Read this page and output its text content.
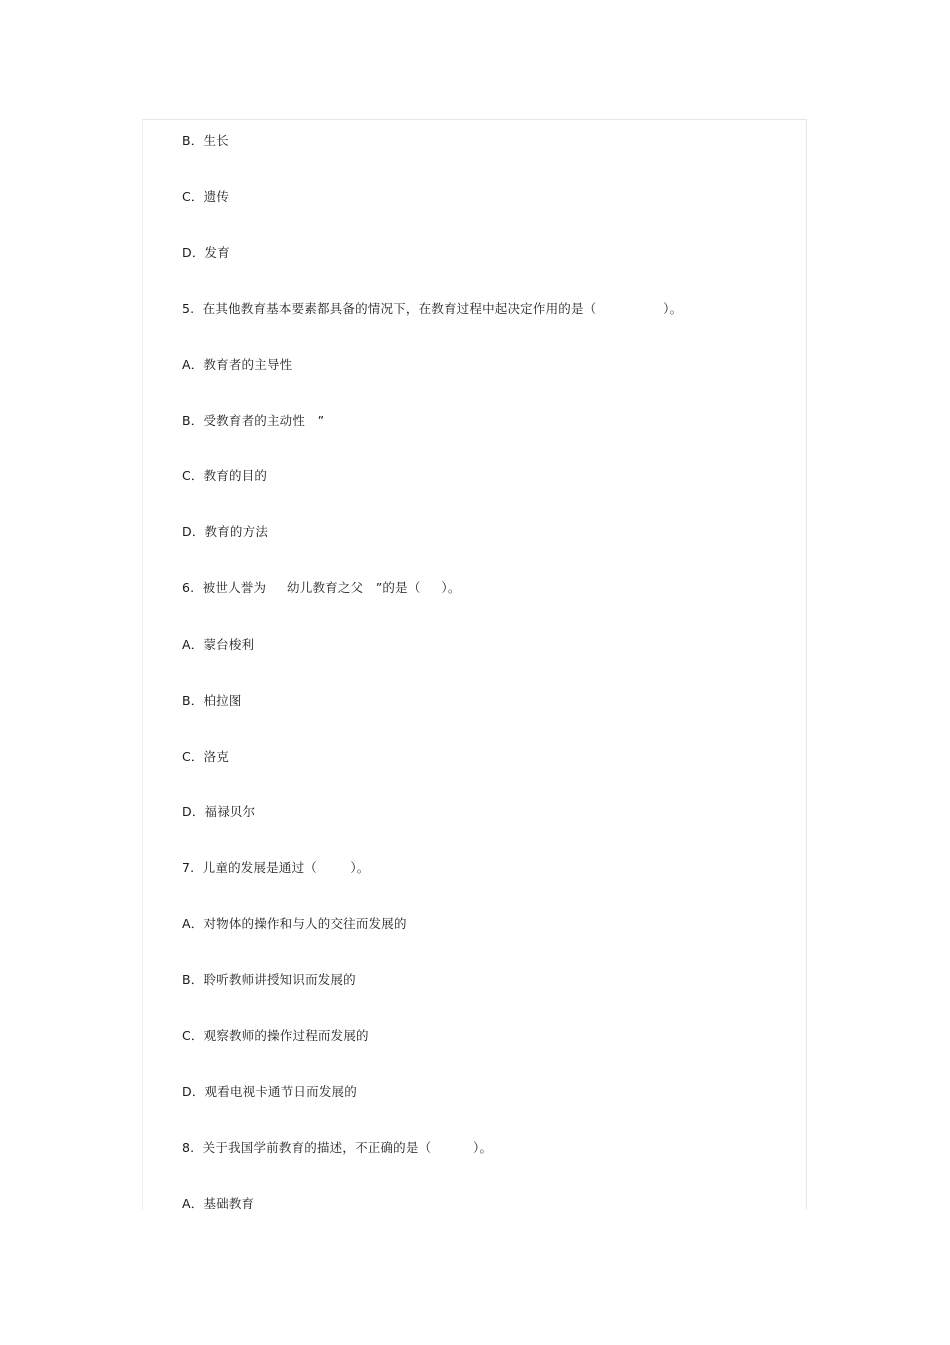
B．生长
C．遗传
D．发育
5.  在其他教育基本要素都具备的情况下，在教育过程中起决定作用的是（                ）。
A．教育者的主导性
B．受教育者的主动性   ”
C．教育的目的
D．教育的方法
6.  被世人誉为     幼儿教育之父   ”的是（     ）。
A．蒙台梭利
B．柏拉图
C．洛克
D．福禄贝尔
7.  儿童的发展是通过（        ）。
A．对物体的操作和与人的交往而发展的
B．聆听教师讲授知识而发展的
C．观察教师的操作过程而发展的
D．观看电视卡通节日而发展的
8.  关于我国学前教育的描述，不正确的是（          ）。
A．基础教育
